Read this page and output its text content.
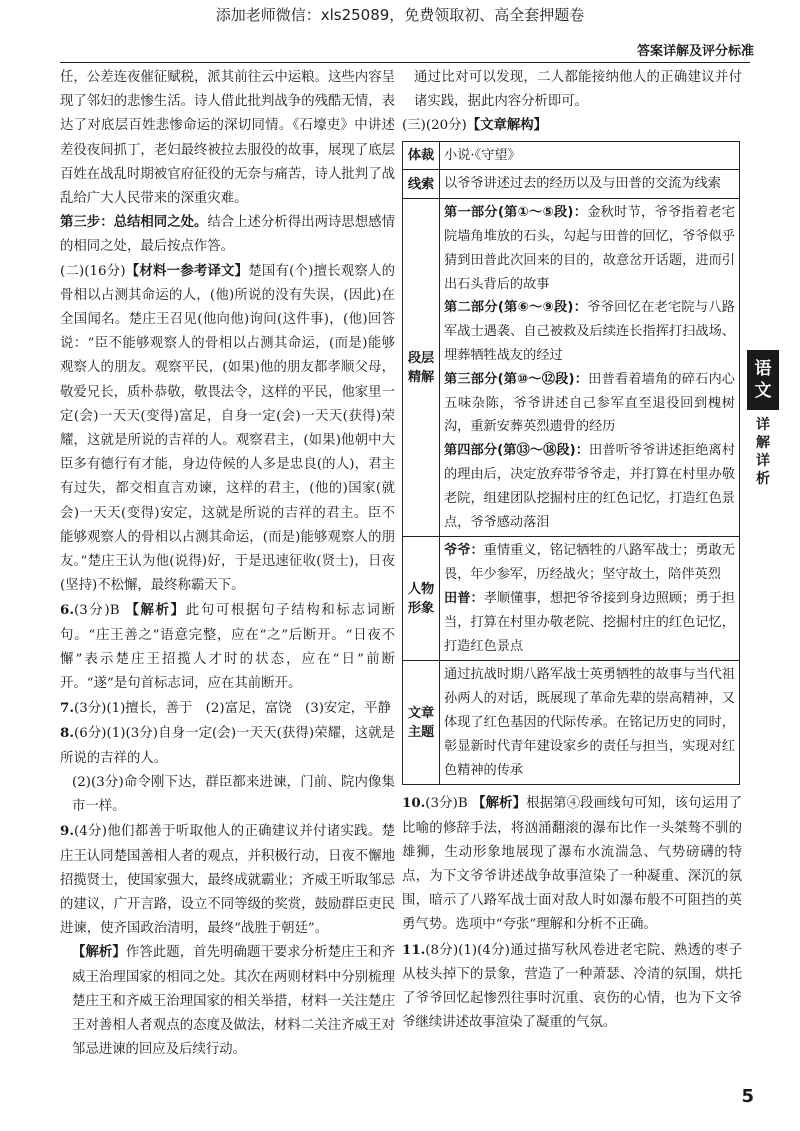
添加老师微信：xls25089，免费领取初、高全套押题卷
答案详解及评分标准

任，公差连夜催征赋税，派其前往云中运粮。这些内容呈现了邻妇的悲惨生活。诗人借此批判战争的残酷无情，表达了对底层百姓悲惨命运的深切同情。《石壕吏》中讲述差役夜间抓丁，老妇最终被拉去服役的故事，展现了底层百姓在战乱时期被官府征役的无奈与痛苦，诗人批判了战乱给广大人民带来的深重灾难。

第三步：总结相同之处。结合上述分析得出两诗思想感情的相同之处，最后按点作答。

(二)(16分)【材料一参考译文】楚国有(个)擅长观察人的骨相以占测其命运的人，(他)所说的没有失误，(因此)在全国闻名。楚庄王召见(他向他)询问(这件事)，(他)回答说：“臣不能够观察人的骨相以占测其命运，(而是)能够观察人的朋友。观察平民，(如果)他的朋友都孝顺父母，敬爱兄长，质朴恭敬，敬畏法令，这样的平民，他家里一定(会)一天天(变得)富足，自身一定(会)一天天(获得)荣耀，这就是所说的吉祥的人。观察君主，(如果)他朝中大臣多有德行有才能，身边侍候的人多是忠良(的人)，君主有过失，都交相直言劝谏，这样的君主，(他的)国家(就会)一天天(变得)安定，这就是所说的吉祥的君主。臣不能够观察人的骨相以占测其命运，(而是)能够观察人的朋友。”楚庄王认为他(说得)好，于是迅速征收(贤士)，日夜(坚持)不松懈，最终称霸天下。

6.(3分)B 【解析】此句可根据句子结构和标志词断句。“庄王善之”语意完整，应在“之”后断开。“日夜不懈”表示楚庄王招揽人才时的状态，应在“日”前断开。“遂”是句首标志词，应在其前断开。

7.(3分)(1)擅长，善于　(2)富足，富饶　(3)安定，平静

8.(6分)(1)(3分)自身一定(会)一天天(获得)荣耀，这就是所说的吉祥的人。

(2)(3分)命令刚下达，群臣都来进谏，门前、院内像集市一样。

9.(4分)他们都善于听取他人的正确建议并付诸实践。楚庄王认同楚国善相人者的观点，并积极行动，日夜不懈地招揽贤士，使国家强大，最终成就霸业；齐威王听取邹忌的建议，广开言路，设立不同等级的奖赏，鼓励群臣吏民进谏，使齐国政治清明，最终“战胜于朝廷”。

【解析】作答此题，首先明确题干要求分析楚庄王和齐威王治理国家的相同之处。其次在两则材料中分别梳理楚庄王和齐威王治理国家的相关举措，材料一关注楚庄王对善相人者观点的态度及做法，材料二关注齐威王对邹忌进谏的回应及后续行动。

通过比对可以发现，二人都能接纳他人的正确建议并付诸实践，据此内容分析即可。

(三)(20分)【文章解构】

体裁	小说·《守望》
线索	以爷爷讲述过去的经历以及与田普的交流为线索
段层精解	第一部分(第①～⑤段)：金秋时节，爷爷指着老宅院墙角堆放的石头，勾起与田普的回忆，爷爷似乎猜到田普此次回来的目的，故意岔开话题，进而引出石头背后的故事
第二部分(第⑥～⑨段)：爷爷回忆在老宅院与八路军战士遇袭、自己被救及后续连长指挥打扫战场、埋葬牺牲战友的经过
第三部分(第⑩～⑫段)：田普看着墙角的碎石内心五味杂陈，爷爷讲述自己参军直至退役回到槐树沟，重新安葬英烈遗骨的经历
第四部分(第⑬～⑱段)：田普听爷爷讲述拒绝离村的理由后，决定放弃带爷爷走，并打算在村里办敬老院，组建团队挖掘村庄的红色记忆，打造红色景点，爷爷感动落泪

人物形象	爷爷：重情重义，铭记牺牲的八路军战士；勇敢无畏，年少参军，历经战火；坚守故土，陪伴英烈
田普：孝顺懂事，想把爷爷接到身边照顾；勇于担当，打算在村里办敬老院、挖掘村庄的红色记忆，打造红色景点

文章主题	通过抗战时期八路军战士英勇牺牲的故事与当代祖孙两人的对话，既展现了革命先辈的崇高精神，又体现了红色基因的代际传承。在铭记历史的同时，彰显新时代青年建设家乡的责任与担当，实现对红色精神的传承

10.(3分)B 【解析】根据第④段画线句可知，该句运用了比喻的修辞手法，将汹涌翻滚的瀑布比作一头桀骜不驯的雄狮，生动形象地展现了瀑布水流湍急、气势磅礴的特点，为下文爷爷讲述战争故事渲染了一种凝重、深沉的氛围，暗示了八路军战士面对敌人时如瀑布般不可阻挡的英勇气势。选项中“夸张”理解和分析不正确。

11.(8分)(1)(4分)通过描写秋风卷进老宅院、熟透的枣子从枝头掉下的景象，营造了一种萧瑟、冷清的氛围，烘托了爷爷回忆起惨烈往事时沉重、哀伤的心情，也为下文爷爷继续讲述故事渲染了凝重的气氛。

语文
详解详析
5
